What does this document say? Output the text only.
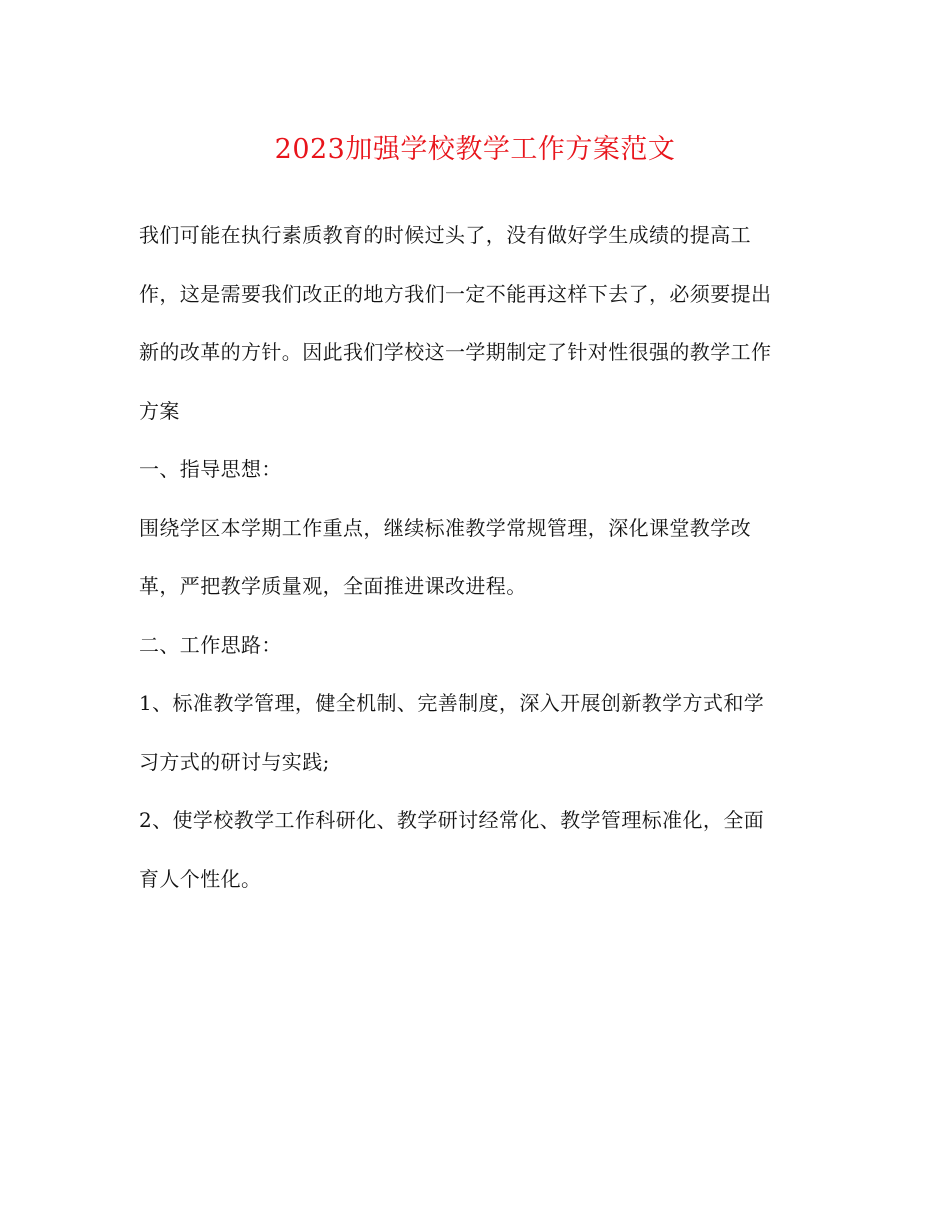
2023加强学校教学工作方案范文
我们可能在执行素质教育的时候过头了，没有做好学生成绩的提高工
作，这是需要我们改正的地方我们一定不能再这样下去了，必须要提出
新的改革的方针。因此我们学校这一学期制定了针对性很强的教学工作
方案
一、指导思想：
围绕学区本学期工作重点，继续标准教学常规管理，深化课堂教学改
革，严把教学质量观，全面推进课改进程。
二、工作思路：
1、标准教学管理，健全机制、完善制度，深入开展创新教学方式和学
习方式的研讨与实践;
2、使学校教学工作科研化、教学研讨经常化、教学管理标准化，全面
育人个性化。
